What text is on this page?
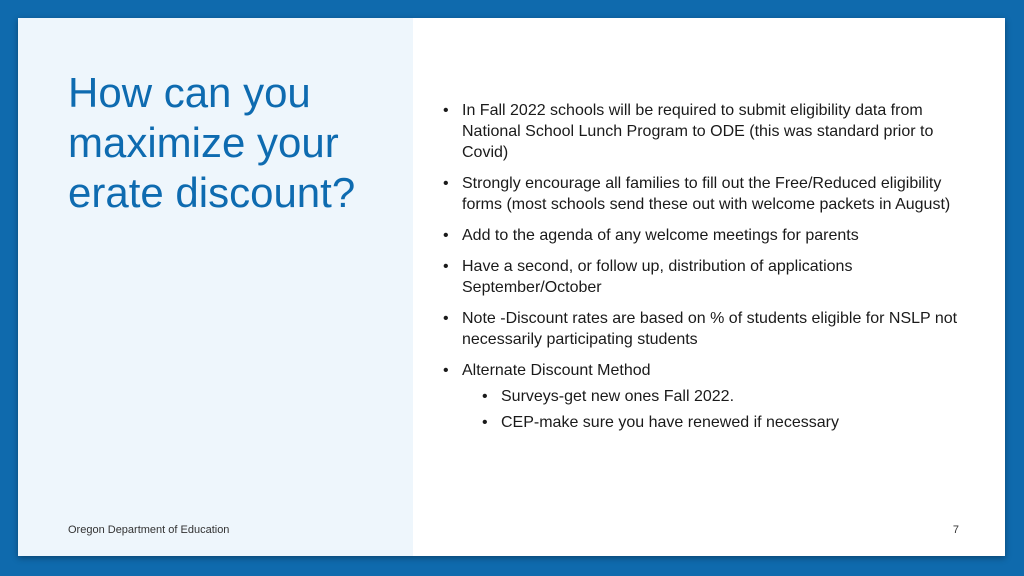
How can you maximize your erate discount?
Oregon Department of Education
• In Fall 2022 schools will be required to submit eligibility data from National School Lunch Program to ODE (this was standard prior to Covid)
• Strongly encourage all families to fill out the Free/Reduced eligibility forms (most schools send these out with welcome packets in August)
• Add to the agenda of any welcome meetings for parents
• Have a second, or follow up, distribution of applications September/October
• Note -Discount rates are based on % of students eligible for NSLP not necessarily participating students
• Alternate Discount Method
• Surveys-get new ones Fall 2022.
• CEP-make sure you have renewed if necessary
7
